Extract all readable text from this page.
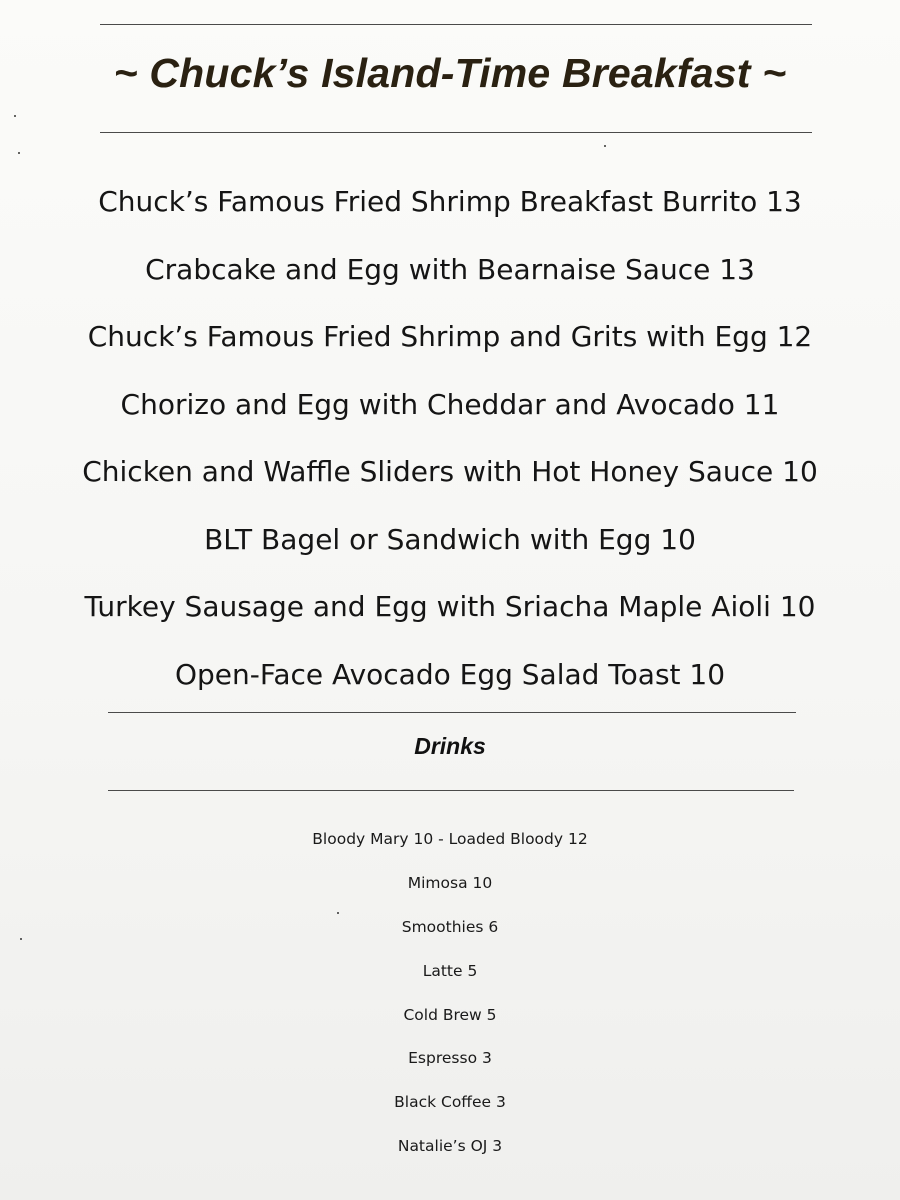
~ Chuck’s Island-Time Breakfast ~
Chuck’s Famous Fried Shrimp Breakfast Burrito 13
Crabcake and Egg with Bearnaise Sauce 13
Chuck’s Famous Fried Shrimp and Grits with Egg 12
Chorizo and Egg with Cheddar and Avocado 11
Chicken and Waffle Sliders with Hot Honey Sauce 10
BLT Bagel or Sandwich with Egg 10
Turkey Sausage and Egg with Sriacha Maple Aioli 10
Open-Face Avocado Egg Salad Toast 10
Drinks
Bloody Mary 10 - Loaded Bloody 12
Mimosa 10
Smoothies 6
Latte 5
Cold Brew 5
Espresso 3
Black Coffee 3
Natalie’s OJ 3
